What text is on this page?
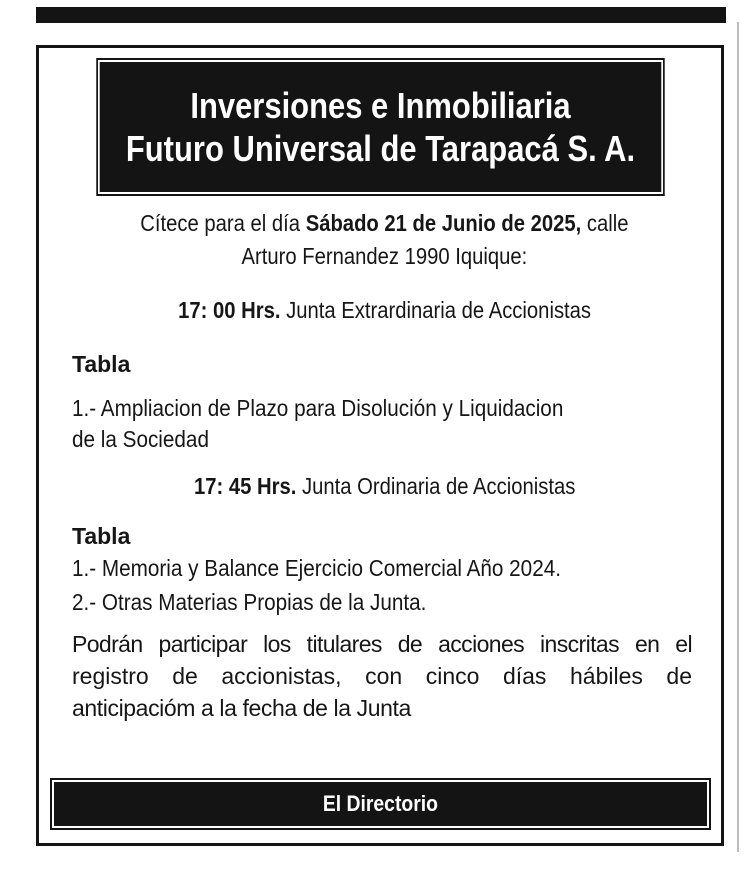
Inversiones e Inmobiliaria
Futuro Universal de Tarapacá S. A.
Cítece para el día Sábado 21 de Junio de 2025, calle
Arturo Fernandez 1990 Iquique:
17: 00 Hrs. Junta Extrardinaria de Accionistas
Tabla
1.- Ampliacion de Plazo para Disolución y Liquidacion
de la Sociedad
17: 45 Hrs. Junta Ordinaria de Accionistas
Tabla
1.- Memoria y Balance Ejercicio Comercial Año 2024.
2.- Otras Materias Propias de la Junta.
Podrán participar los titulares de acciones inscritas en el
registro de accionistas, con cinco días hábiles de
anticipacióm a la fecha de la Junta
El Directorio
